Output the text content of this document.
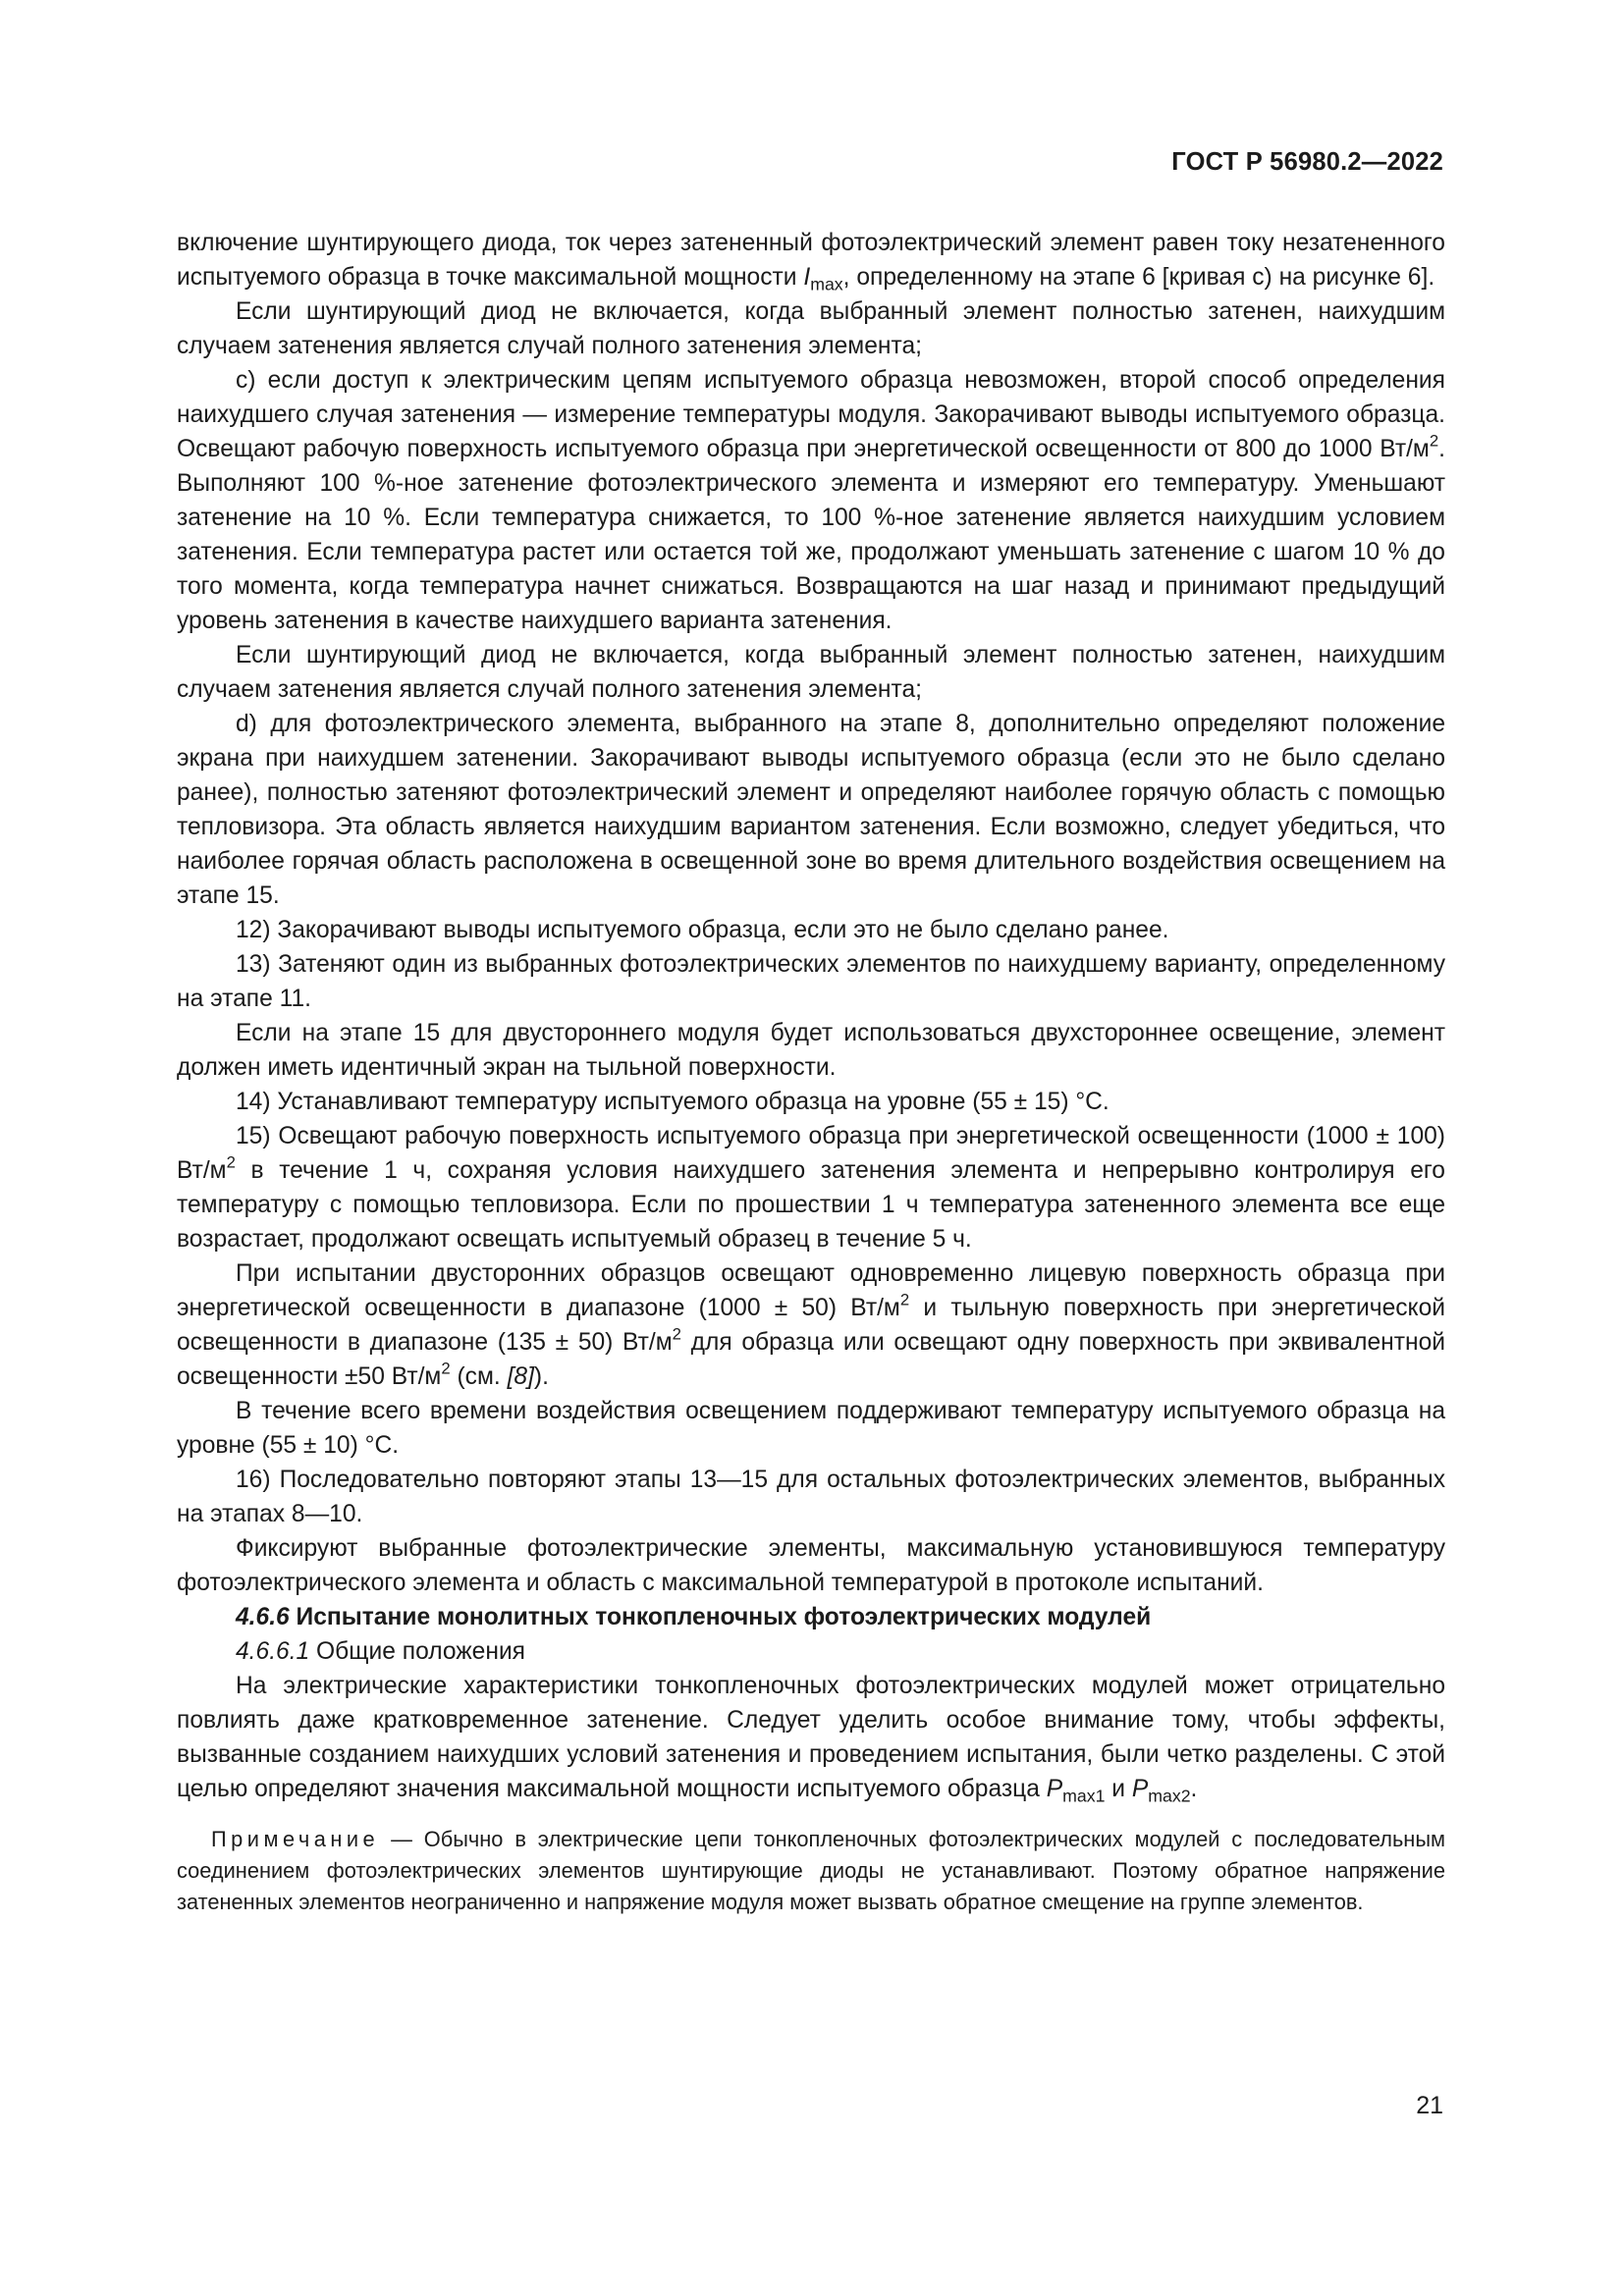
ГОСТ Р 56980.2—2022

включение шунтирующего диода, ток через затененный фотоэлектрический элемент равен току незатененного испытуемого образца в точке максимальной мощности $I_{max}$, определенному на этапе 6 [кривая с) на рисунке 6].

Если шунтирующий диод не включается, когда выбранный элемент полностью затенен, наихудшим случаем затенения является случай полного затенения элемента;

с) если доступ к электрическим цепям испытуемого образца невозможен, второй способ определения наихудшего случая затенения — измерение температуры модуля. Закорачивают выводы испытуемого образца. Освещают рабочую поверхность испытуемого образца при энергетической освещенности от 800 до 1000 $Вт/м^2$. Выполняют 100 %-ное затенение фотоэлектрического элемента и измеряют его температуру. Уменьшают затенение на 10 %. Если температура снижается, то 100 %-ное затенение является наихудшим условием затенения. Если температура растет или остается той же, продолжают уменьшать затенение с шагом 10 % до того момента, когда температура начнет снижаться. Возвращаются на шаг назад и принимают предыдущий уровень затенения в качестве наихудшего варианта затенения.

Если шунтирующий диод не включается, когда выбранный элемент полностью затенен, наихудшим случаем затенения является случай полного затенения элемента;

d) для фотоэлектрического элемента, выбранного на этапе 8, дополнительно определяют положение экрана при наихудшем затенении. Закорачивают выводы испытуемого образца (если это не было сделано ранее), полностью затеняют фотоэлектрический элемент и определяют наиболее горячую область с помощью тепловизора. Эта область является наихудшим вариантом затенения. Если возможно, следует убедиться, что наиболее горячая область расположена в освещенной зоне во время длительного воздействия освещением на этапе 15.

12) Закорачивают выводы испытуемого образца, если это не было сделано ранее.

13) Затеняют один из выбранных фотоэлектрических элементов по наихудшему варианту, определенному на этапе 11.

Если на этапе 15 для двустороннего модуля будет использоваться двухстороннее освещение, элемент должен иметь идентичный экран на тыльной поверхности.

14) Устанавливают температуру испытуемого образца на уровне (55 ± 15) °С.

15) Освещают рабочую поверхность испытуемого образца при энергетической освещенности (1000 ± 100) $Вт/м^2$ в течение 1 ч, сохраняя условия наихудшего затенения элемента и непрерывно контролируя его температуру с помощью тепловизора. Если по прошествии 1 ч температура затененного элемента все еще возрастает, продолжают освещать испытуемый образец в течение 5 ч.

При испытании двусторонних образцов освещают одновременно лицевую поверхность образца при энергетической освещенности в диапазоне (1000 ± 50) $Вт/м^2$ и тыльную поверхность при энергетической освещенности в диапазоне (135 ± 50) $Вт/м^2$ для образца или освещают одну поверхность при эквивалентной освещенности ±50 $Вт/м^2$ (см. [8]).

В течение всего времени воздействия освещением поддерживают температуру испытуемого образца на уровне (55 ± 10) °С.

16) Последовательно повторяют этапы 13—15 для остальных фотоэлектрических элементов, выбранных на этапах 8—10.

Фиксируют выбранные фотоэлектрические элементы, максимальную установившуюся температуру фотоэлектрического элемента и область с максимальной температурой в протоколе испытаний.

4.6.6 Испытание монолитных тонкопленочных фотоэлектрических модулей

4.6.6.1 Общие положения

На электрические характеристики тонкопленочных фотоэлектрических модулей может отрицательно повлиять даже кратковременное затенение. Следует уделить особое внимание тому, чтобы эффекты, вызванные созданием наихудших условий затенения и проведением испытания, были четко разделены. С этой целью определяют значения максимальной мощности испытуемого образца $P_{max1}$ и $P_{max2}$.

Примечание — Обычно в электрические цепи тонкопленочных фотоэлектрических модулей с последовательным соединением фотоэлектрических элементов шунтирующие диоды не устанавливают. Поэтому обратное напряжение затененных элементов неограниченно и напряжение модуля может вызвать обратное смещение на группе элементов.

21
